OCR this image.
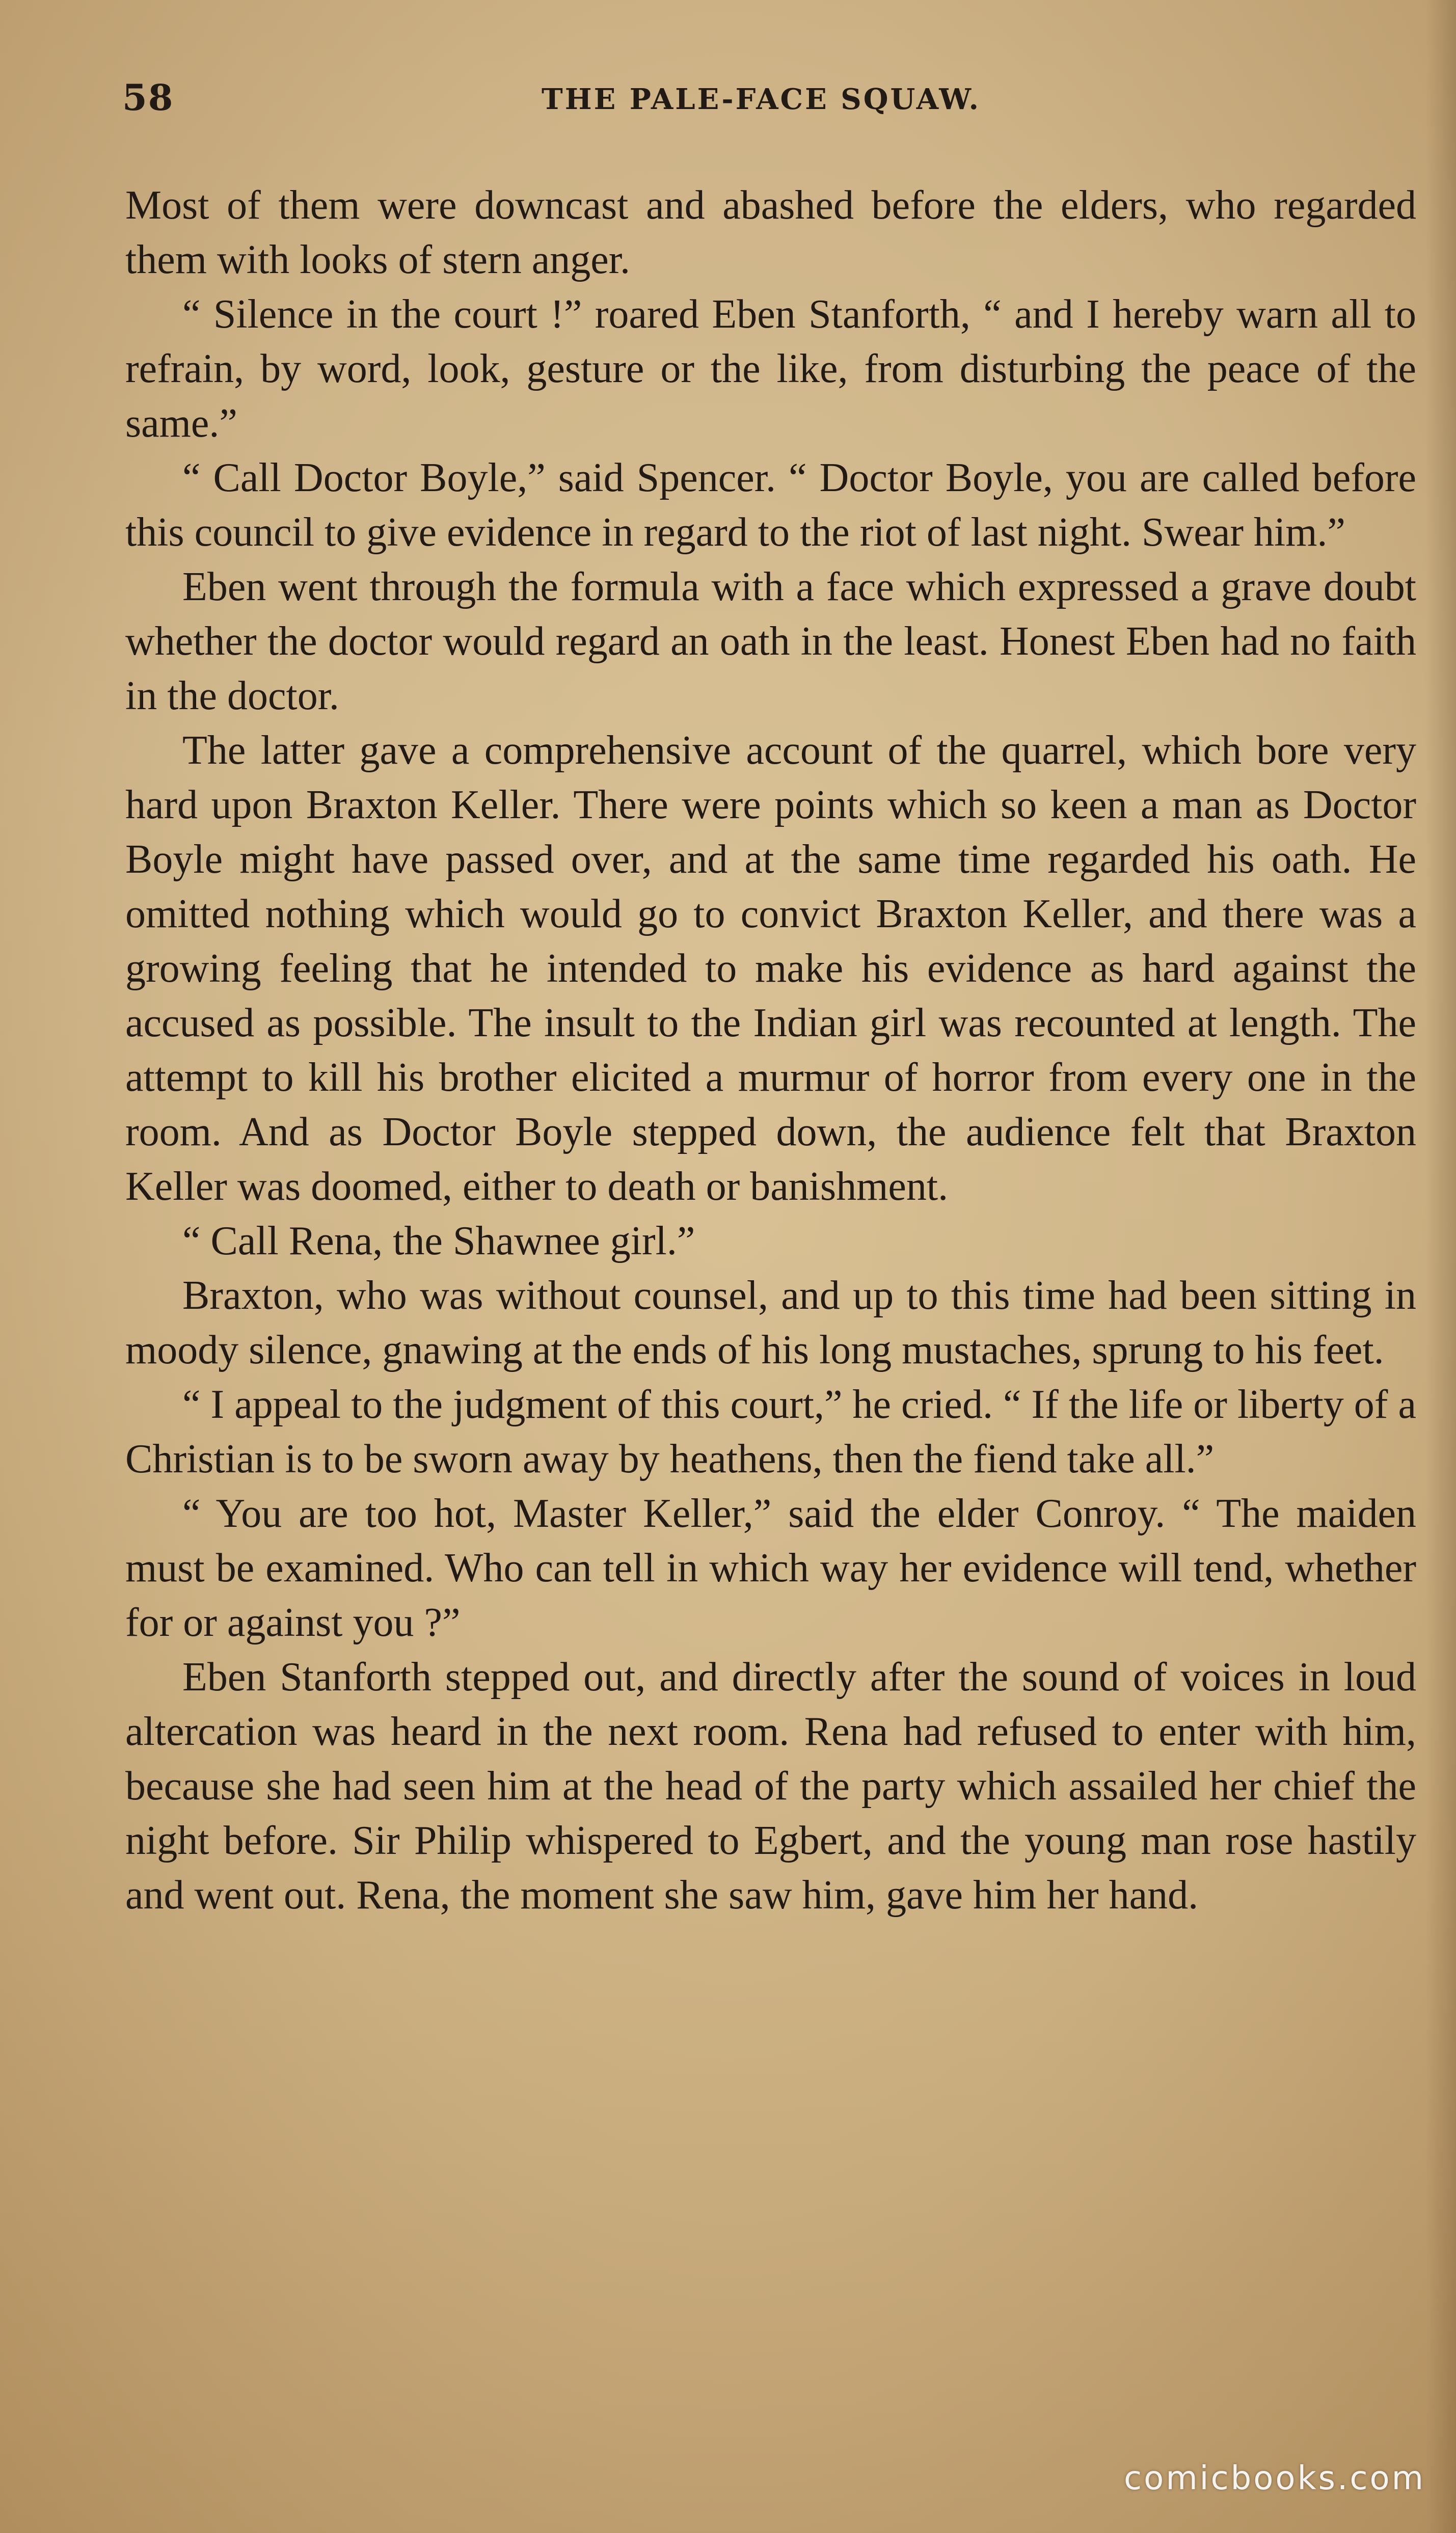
58	THE PALE-FACE SQUAW.

Most of them were downcast and abashed before the elders, who regarded them with looks of stern anger.

“ Silence in the court !” roared Eben Stanforth, “ and I hereby warn all to refrain, by word, look, gesture or the like, from disturbing the peace of the same.”

“ Call Doctor Boyle,” said Spencer. “ Doctor Boyle, you are called before this council to give evidence in regard to the riot of last night. Swear him.”

Eben went through the formula with a face which expressed a grave doubt whether the doctor would regard an oath in the least. Honest Eben had no faith in the doctor.

The latter gave a comprehensive account of the quarrel, which bore very hard upon Braxton Keller. There were points which so keen a man as Doctor Boyle might have passed over, and at the same time regarded his oath. He omitted nothing which would go to convict Braxton Keller, and there was a growing feeling that he intended to make his evidence as hard against the accused as possible. The insult to the Indian girl was recounted at length. The attempt to kill his brother elicited a murmur of horror from every one in the room. And as Doctor Boyle stepped down, the audience felt that Braxton Keller was doomed, either to death or banishment.

“ Call Rena, the Shawnee girl.”

Braxton, who was without counsel, and up to this time had been sitting in moody silence, gnawing at the ends of his long mustaches, sprung to his feet.

“ I appeal to the judgment of this court,” he cried. “ If the life or liberty of a Christian is to be sworn away by heathens, then the fiend take all.”

“ You are too hot, Master Keller,” said the elder Conroy. “ The maiden must be examined. Who can tell in which way her evidence will tend, whether for or against you ?”

Eben Stanforth stepped out, and directly after the sound of voices in loud altercation was heard in the next room. Rena had refused to enter with him, because she had seen him at the head of the party which assailed her chief the night before. Sir Philip whispered to Egbert, and the young man rose hastily and went out. Rena, the moment she saw him, gave him her hand.

comicbooks.com
